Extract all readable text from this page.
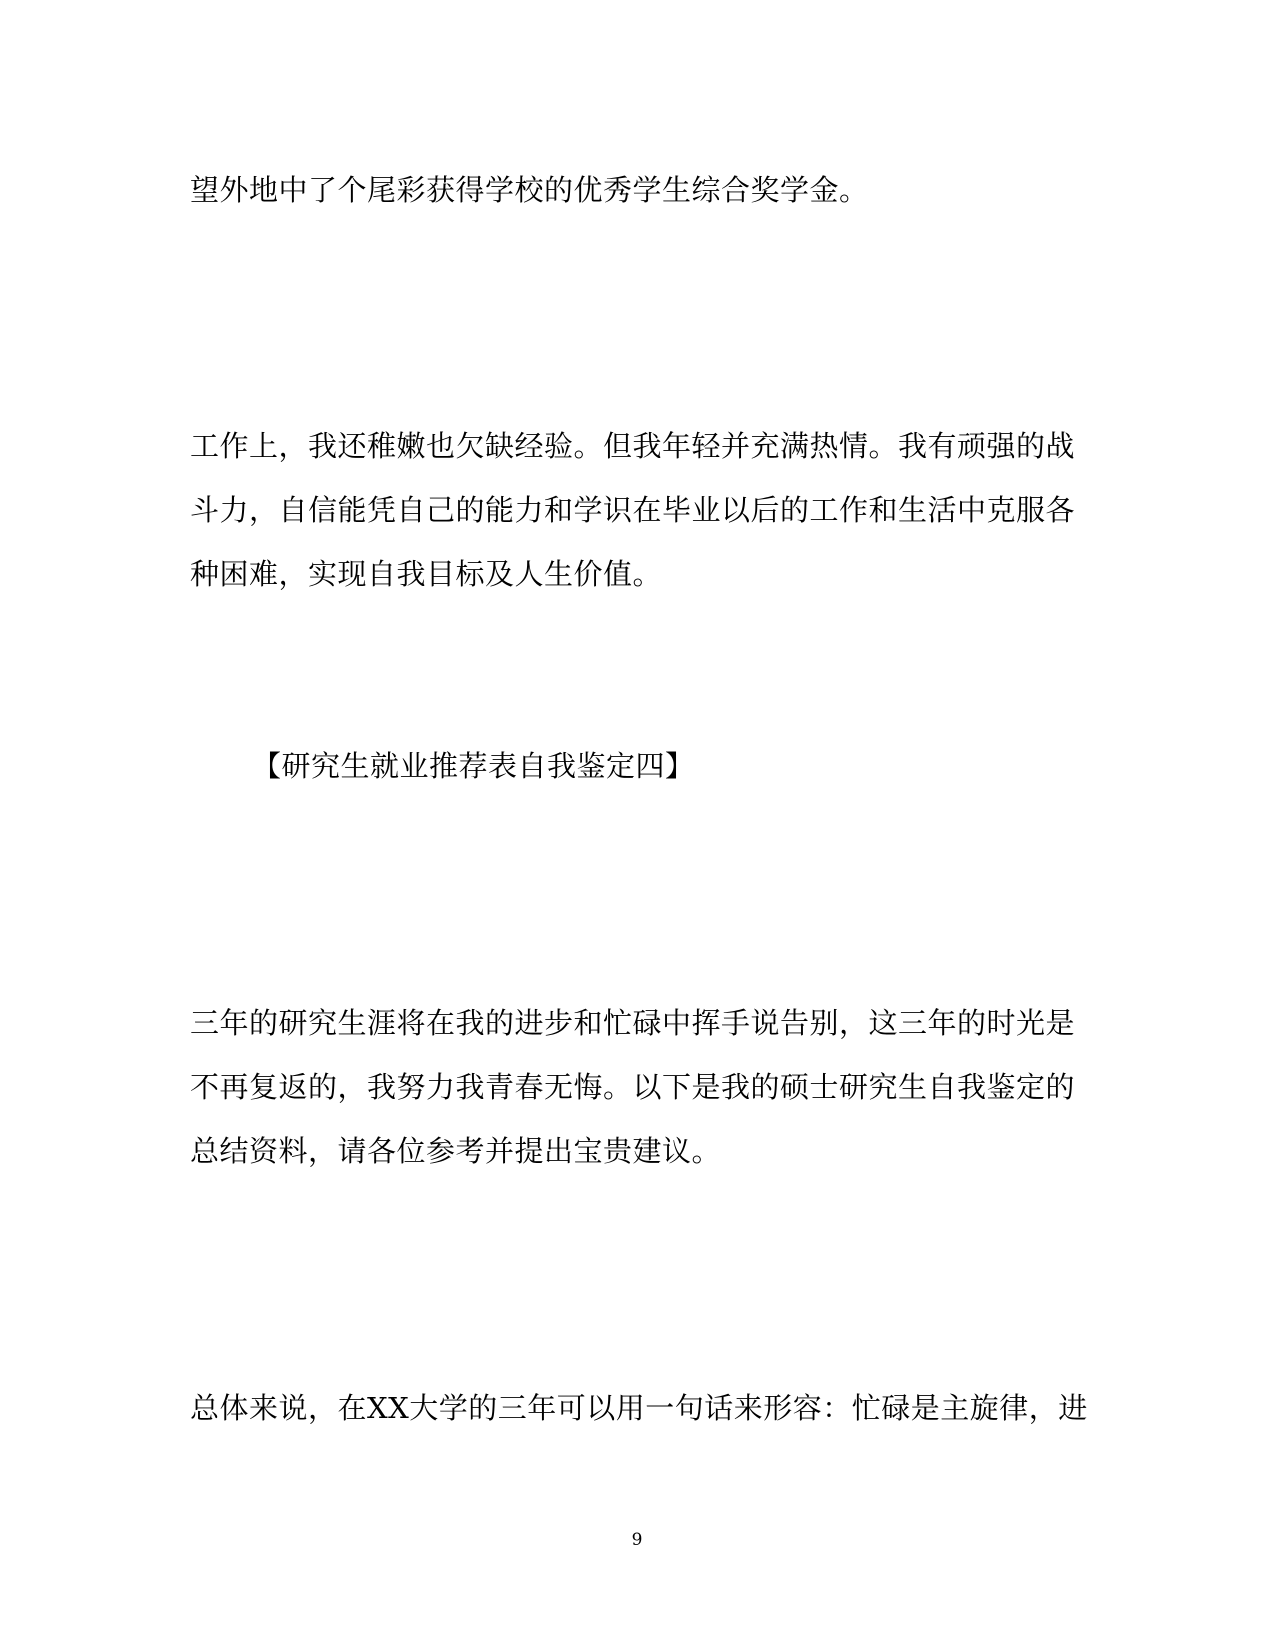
望外地中了个尾彩获得学校的优秀学生综合奖学金。
工作上，我还稚嫩也欠缺经验。但我年轻并充满热情。我有顽强的战
斗力，自信能凭自己的能力和学识在毕业以后的工作和生活中克服各
种困难，实现自我目标及人生价值。
【研究生就业推荐表自我鉴定四】
三年的研究生涯将在我的进步和忙碌中挥手说告别，这三年的时光是
不再复返的，我努力我青春无悔。以下是我的硕士研究生自我鉴定的
总结资料，请各位参考并提出宝贵建议。
总体来说，在XX大学的三年可以用一句话来形容：忙碌是主旋律，进
9
